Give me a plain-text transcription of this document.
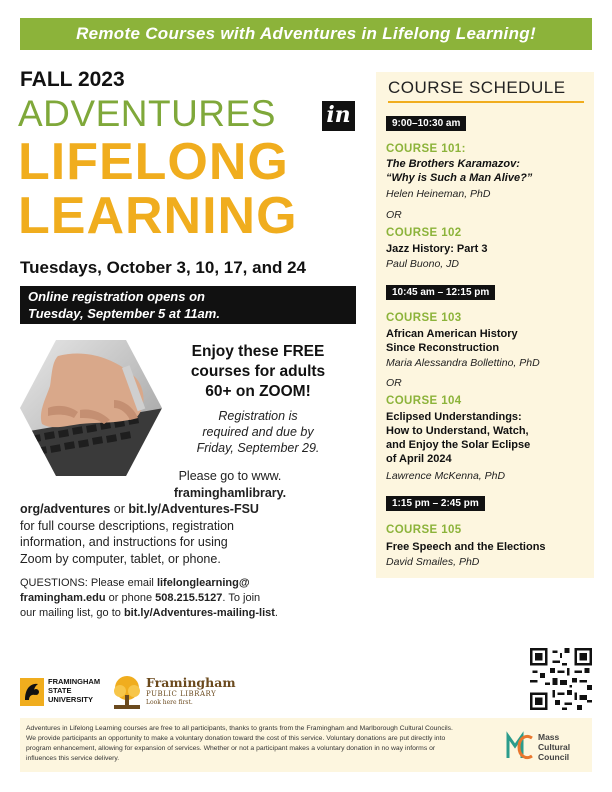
Remote Courses with Adventures in Lifelong Learning!
FALL 2023
ADVENTURES in
LIFELONG
LEARNING
Tuesdays, October 3, 10, 17, and 24
Online registration opens on
Tuesday, September 5 at 11am.
Enjoy these FREE
courses for adults
60+ on ZOOM!
Registration is
required and due by
Friday, September 29.
Please go to www.
framinghamlibrary.
org/adventures or bit.ly/Adventures-FSU
for full course descriptions, registration
information, and instructions for using
Zoom by computer, tablet, or phone.
QUESTIONS: Please email lifelonglearning@
framingham.edu or phone 508.215.5127. To join
our mailing list, go to bit.ly/Adventures-mailing-list.
COURSE SCHEDULE
9:00–10:30 am
COURSE 101:
The Brothers Karamazov:
“Why is Such a Man Alive?”
Helen Heineman, PhD
OR
COURSE 102
Jazz History: Part 3
Paul Buono, JD
10:45 am – 12:15 pm
COURSE 103
African American History
Since Reconstruction
Maria Alessandra Bollettino, PhD
OR
COURSE 104
Eclipsed Understandings:
How to Understand, Watch,
and Enjoy the Solar Eclipse
of April 2024
Lawrence McKenna, PhD
1:15 pm – 2:45 pm
COURSE 105
Free Speech and the Elections
David Smailes, PhD
FRAMINGHAM
STATE
UNIVERSITY
Framingham
PUBLIC LIBRARY
Look here first.
Adventures in Lifelong Learning courses are free to all participants, thanks to grants from the Framingham and Marlborough Cultural Councils. We provide participants an opportunity to make a voluntary donation toward the cost of this service. Voluntary donations are put directly into program enhancement, allowing for expansion of services. Whether or not a participant makes a voluntary donation in no way informs or influences this service delivery.
Mass
Cultural
Council
